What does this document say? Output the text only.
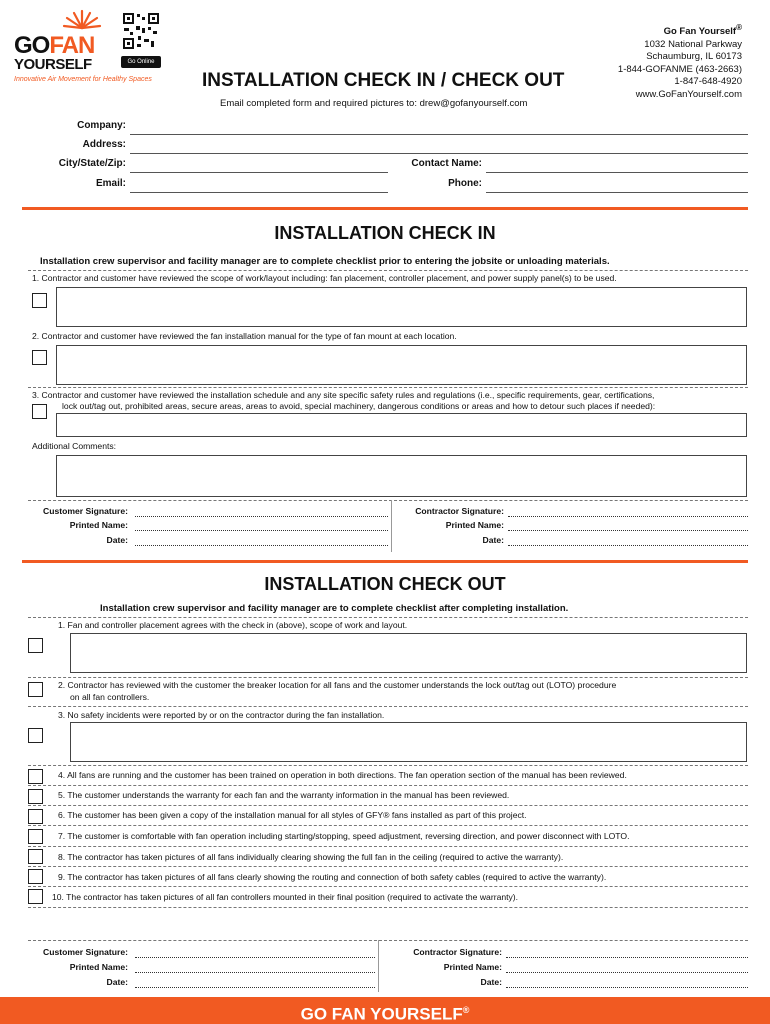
GOFAN
YOURSELF
Innovative Air Movement for Healthy Spaces
Go Online
INSTALLATION CHECK IN / CHECK OUT
Email completed form and required pictures to: drew@gofanyourself.com
Go Fan Yourself®
1032 National Parkway
Schaumburg, IL 60173
1-844-GOFANME (463-2663)
1-847-648-4920
www.GoFanYourself.com
Company:
Address:
City/State/Zip:
Email:
Contact Name:
Phone:
INSTALLATION CHECK IN
Installation crew supervisor and facility manager are to complete checklist prior to entering the jobsite or unloading materials.
1. Contractor and customer have reviewed the scope of work/layout including: fan placement, controller placement, and power supply panel(s) to be used.
2. Contractor and customer have reviewed the fan installation manual for the type of fan mount at each location.
3. Contractor and customer have reviewed the installation schedule and any site specific safety rules and regulations (i.e., specific requirements, gear, certifications,
lock out/tag out, prohibited areas, secure areas, areas to avoid, special machinery, dangerous conditions or areas and how to detour such places if needed):
Additional Comments:
Customer Signature:
Printed Name:
Date:
Contractor Signature:
Printed Name:
Date:
INSTALLATION CHECK OUT
Installation crew supervisor and facility manager are to complete checklist after completing installation.
1. Fan and controller placement agrees with the check in (above), scope of work and layout.
2. Contractor has reviewed with the customer the breaker location for all fans and the customer understands the lock out/tag out (LOTO) procedure
on all fan controllers.
3. No safety incidents were reported by or on the contractor during the fan installation.
4. All fans are running and the customer has been trained on operation in both directions. The fan operation section of the manual has been reviewed.
5. The customer understands the warranty for each fan and the warranty information in the manual has been reviewed.
6. The customer has been given a copy of the installation manual for all styles of GFY® fans installed as part of this project.
7. The customer is comfortable with fan operation including starting/stopping, speed adjustment, reversing direction, and power disconnect with LOTO.
8. The contractor has taken pictures of all fans individually clearing showing the full fan in the ceiling (required to active the warranty).
9. The contractor has taken pictures of all fans clearly showing the routing and connection of both safety cables (required to active the warranty).
10. The contractor has taken pictures of all fan controllers mounted in their final position (required to activate the warranty).
Customer Signature:
Printed Name:
Date:
Contractor Signature:
Printed Name:
Date:
GO FAN YOURSELF®
